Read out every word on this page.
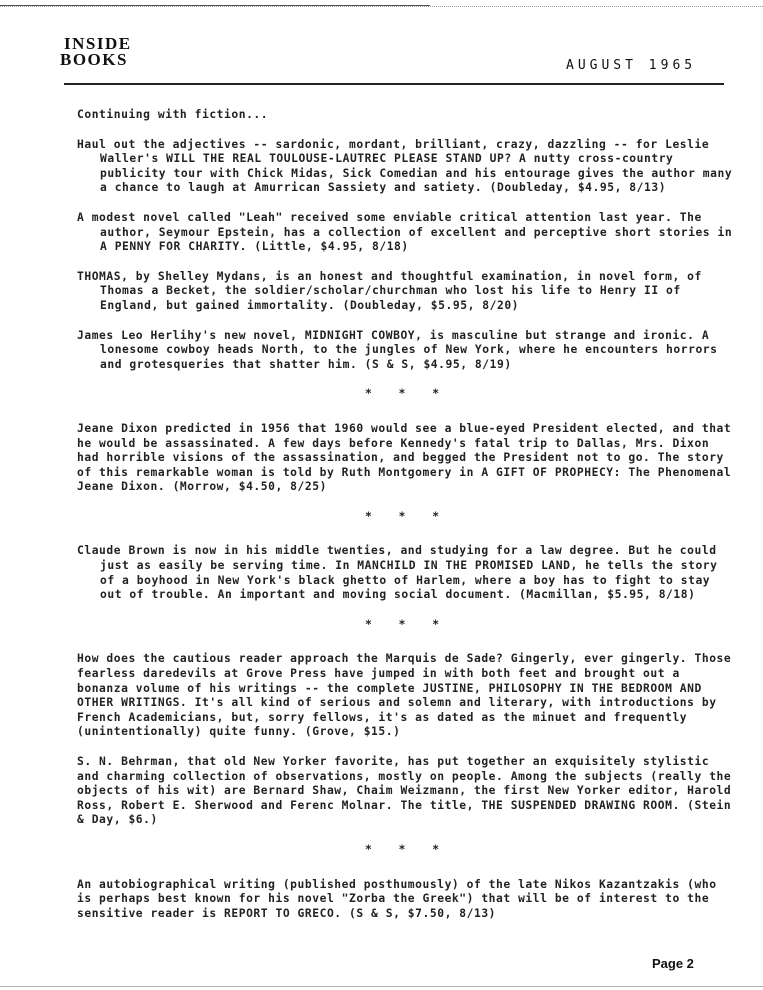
INSIDE
BOOKS	AUGUST 1965

Continuing with fiction...

Haul out the adjectives -- sardonic, mordant, brilliant, crazy, dazzling -- for Leslie Waller's WILL THE REAL TOULOUSE-LAUTREC PLEASE STAND UP? A nutty cross-country publicity tour with Chick Midas, Sick Comedian and his entourage gives the author many a chance to laugh at Amurrican Sassiety and satiety. (Doubleday, $4.95, 8/13)

A modest novel called "Leah" received some enviable critical attention last year. The author, Seymour Epstein, has a collection of excellent and perceptive short stories in A PENNY FOR CHARITY. (Little, $4.95, 8/18)

THOMAS, by Shelley Mydans, is an honest and thoughtful examination, in novel form, of Thomas a Becket, the soldier/scholar/churchman who lost his life to Henry II of England, but gained immortality. (Doubleday, $5.95, 8/20)

James Leo Herlihy's new novel, MIDNIGHT COWBOY, is masculine but strange and ironic. A lonesome cowboy heads North, to the jungles of New York, where he encounters horrors and grotesqueries that shatter him. (S & S, $4.95, 8/19)

* * *

Jeane Dixon predicted in 1956 that 1960 would see a blue-eyed President elected, and that he would be assassinated. A few days before Kennedy's fatal trip to Dallas, Mrs. Dixon had horrible visions of the assassination, and begged the President not to go. The story of this remarkable woman is told by Ruth Montgomery in A GIFT OF PROPHECY: The Phenomenal Jeane Dixon. (Morrow, $4.50, 8/25)

* * *

Claude Brown is now in his middle twenties, and studying for a law degree. But he could just as easily be serving time. In MANCHILD IN THE PROMISED LAND, he tells the story of a boyhood in New York's black ghetto of Harlem, where a boy has to fight to stay out of trouble. An important and moving social document. (Macmillan, $5.95, 8/18)

* * *

How does the cautious reader approach the Marquis de Sade? Gingerly, ever gingerly. Those fearless daredevils at Grove Press have jumped in with both feet and brought out a bonanza volume of his writings -- the complete JUSTINE, PHILOSOPHY IN THE BEDROOM AND OTHER WRITINGS. It's all kind of serious and solemn and literary, with introductions by French Academicians, but, sorry fellows, it's as dated as the minuet and frequently (unintentionally) quite funny. (Grove, $15.)

S. N. Behrman, that old New Yorker favorite, has put together an exquisitely stylistic and charming collection of observations, mostly on people. Among the subjects (really the objects of his wit) are Bernard Shaw, Chaim Weizmann, the first New Yorker editor, Harold Ross, Robert E. Sherwood and Ferenc Molnar. The title, THE SUSPENDED DRAWING ROOM. (Stein & Day, $6.)

* * *

An autobiographical writing (published posthumously) of the late Nikos Kazantzakis (who is perhaps best known for his novel "Zorba the Greek") that will be of interest to the sensitive reader is REPORT TO GRECO. (S & S, $7.50, 8/13)

Page 2
